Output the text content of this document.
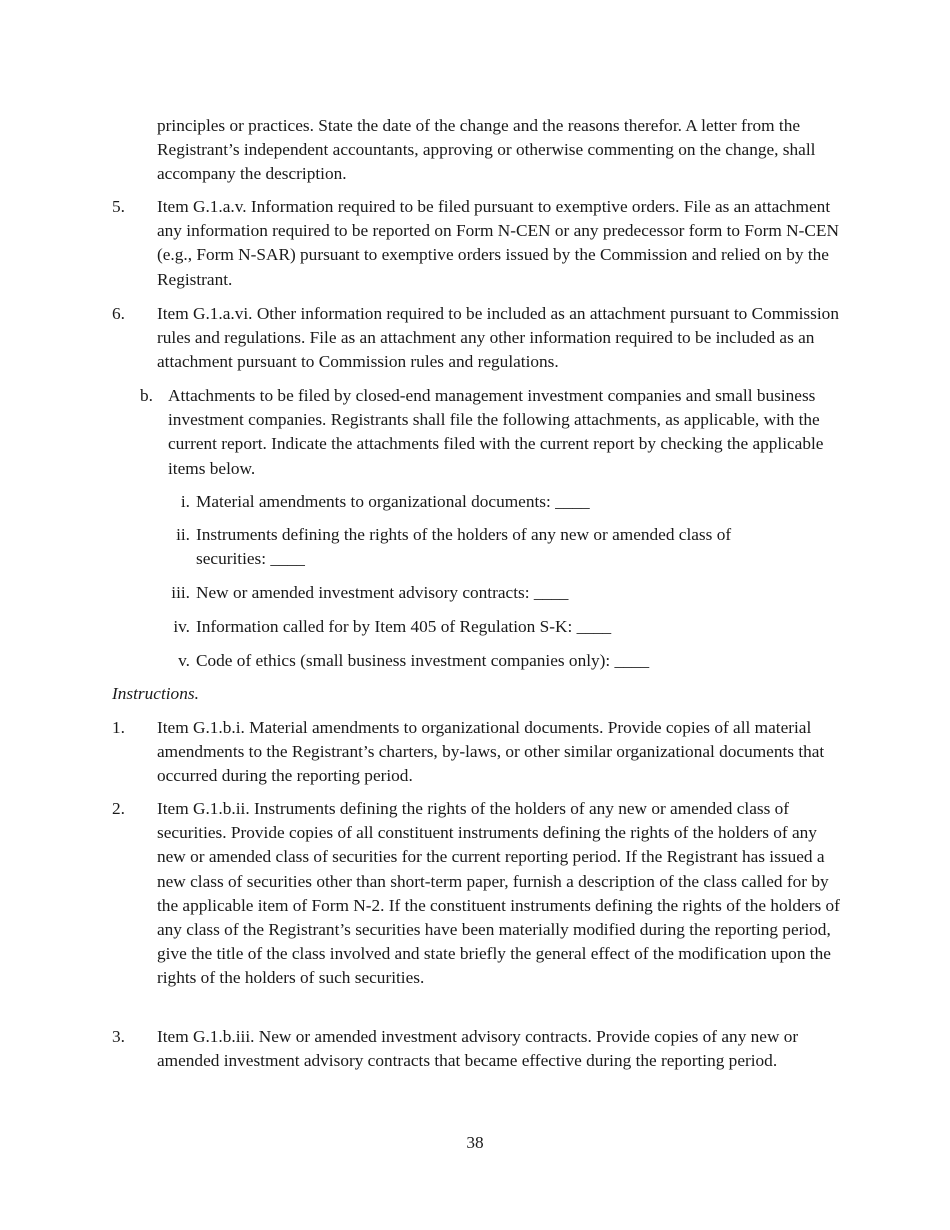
principles or practices. State the date of the change and the reasons therefor. A letter from the Registrant’s independent accountants, approving or otherwise commenting on the change, shall accompany the description.

5. Item G.1.a.v. Information required to be filed pursuant to exemptive orders. File as an attachment any information required to be reported on Form N-CEN or any predecessor form to Form N-CEN (e.g., Form N-SAR) pursuant to exemptive orders issued by the Commission and relied on by the Registrant.

6. Item G.1.a.vi. Other information required to be included as an attachment pursuant to Commission rules and regulations. File as an attachment any other information required to be included as an attachment pursuant to Commission rules and regulations.

b. Attachments to be filed by closed-end management investment companies and small business investment companies. Registrants shall file the following attachments, as applicable, with the current report. Indicate the attachments filed with the current report by checking the applicable items below.

i. Material amendments to organizational documents: ____

ii. Instruments defining the rights of the holders of any new or amended class of securities: ____

iii. New or amended investment advisory contracts: ____

iv. Information called for by Item 405 of Regulation S-K: ____

v. Code of ethics (small business investment companies only): ____

Instructions.
1. Item G.1.b.i. Material amendments to organizational documents. Provide copies of all material amendments to the Registrant’s charters, by-laws, or other similar organizational documents that occurred during the reporting period.

2. Item G.1.b.ii. Instruments defining the rights of the holders of any new or amended class of securities. Provide copies of all constituent instruments defining the rights of the holders of any new or amended class of securities for the current reporting period. If the Registrant has issued a new class of securities other than short-term paper, furnish a description of the class called for by the applicable item of Form N-2. If the constituent instruments defining the rights of the holders of any class of the Registrant’s securities have been materially modified during the reporting period, give the title of the class involved and state briefly the general effect of the modification upon the rights of the holders of such securities.

3. Item G.1.b.iii. New or amended investment advisory contracts. Provide copies of any new or amended investment advisory contracts that became effective during the reporting period.

38
